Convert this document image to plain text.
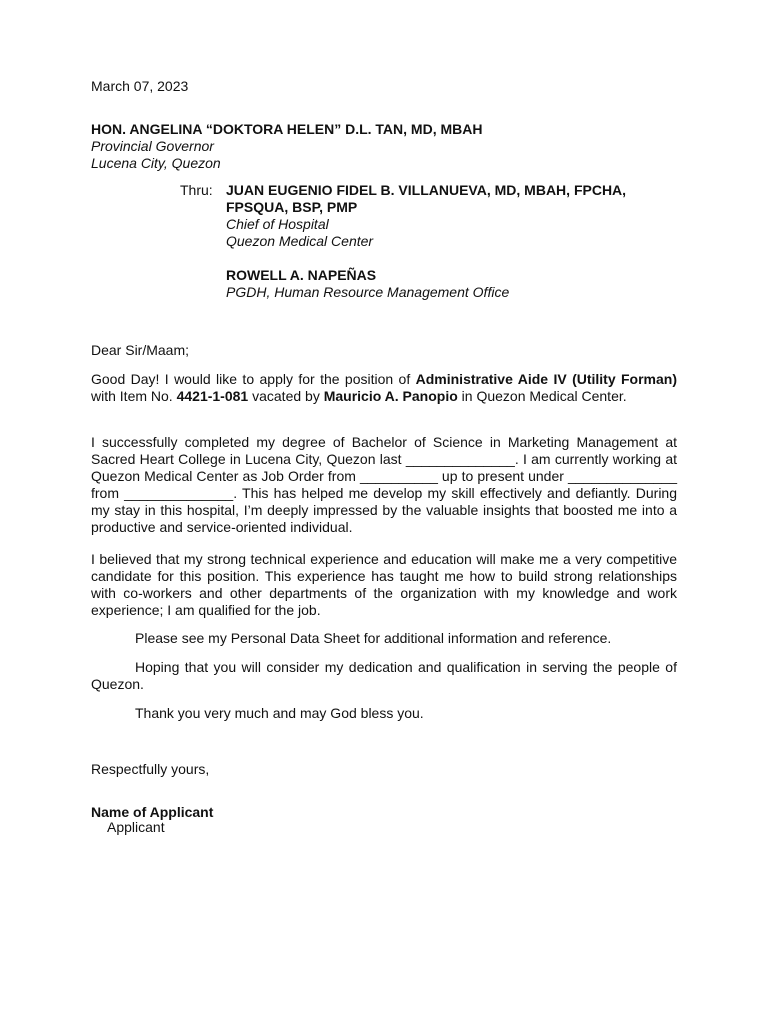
March 07, 2023
HON. ANGELINA “DOKTORA HELEN” D.L. TAN, MD, MBAH
Provincial Governor
Lucena City, Quezon
Thru: JUAN EUGENIO FIDEL B. VILLANUEVA, MD, MBAH, FPCHA,
FPSQUA, BSP, PMP
Chief of Hospital
Quezon Medical Center
ROWELL A. NAPEÑAS
PGDH, Human Resource Management Office
Dear Sir/Maam;

Good Day! I would like to apply for the position of Administrative Aide IV (Utility Forman) with Item No. 4421-1-081 vacated by Mauricio A. Panopio in Quezon Medical Center.

I successfully completed my degree of Bachelor of Science in Marketing Management at Sacred Heart College in Lucena City, Quezon last ______________. I am currently working at Quezon Medical Center as Job Order from __________ up to present under ______________ from ______________. This has helped me develop my skill effectively and defiantly. During my stay in this hospital, I’m deeply impressed by the valuable insights that boosted me into a productive and service-oriented individual.

I believed that my strong technical experience and education will make me a very competitive candidate for this position. This experience has taught me how to build strong relationships with co-workers and other departments of the organization with my knowledge and work experience; I am qualified for the job.

Please see my Personal Data Sheet for additional information and reference.

Hoping that you will consider my dedication and qualification in serving the people of Quezon.

Thank you very much and may God bless you.

Respectfully yours,
Name of Applicant
Applicant
